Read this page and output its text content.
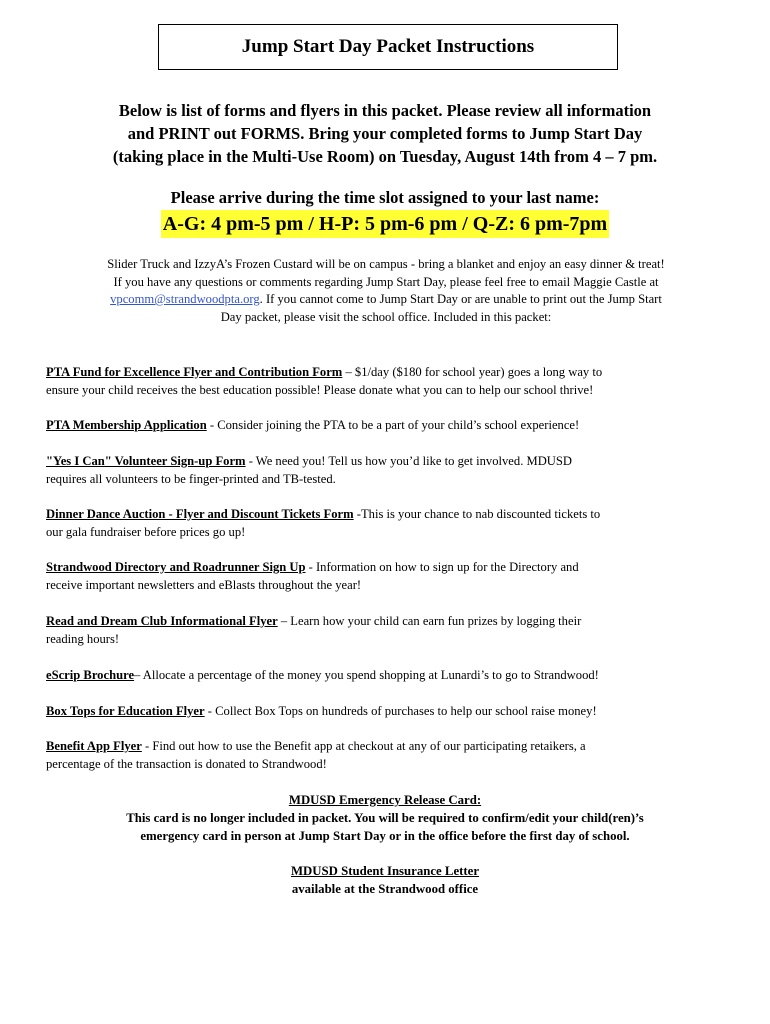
Jump Start Day Packet Instructions
Below is list of forms and flyers in this packet. Please review all information
and PRINT out FORMS. Bring your completed forms to Jump Start Day
(taking place in the Multi-Use Room) on Tuesday, August 14th from 4 – 7 pm.
Please arrive during the time slot assigned to your last name:
A-G: 4 pm-5 pm / H-P: 5 pm-6 pm / Q-Z: 6 pm-7pm
Slider Truck and IzzyA’s Frozen Custard will be on campus - bring a blanket and enjoy an easy dinner & treat!
If you have any questions or comments regarding Jump Start Day, please feel free to email Maggie Castle at
vpcomm@strandwoodpta.org. If you cannot come to Jump Start Day or are unable to print out the Jump Start
Day packet, please visit the school office. Included in this packet:
PTA Fund for Excellence Flyer and Contribution Form – $1/day ($180 for school year) goes a long way to
ensure your child receives the best education possible! Please donate what you can to help our school thrive!
PTA Membership Application - Consider joining the PTA to be a part of your child’s school experience!
"Yes I Can" Volunteer Sign-up Form - We need you! Tell us how you’d like to get involved. MDUSD
requires all volunteers to be finger-printed and TB-tested.
Dinner Dance Auction - Flyer and Discount Tickets Form -This is your chance to nab discounted tickets to
our gala fundraiser before prices go up!
Strandwood Directory and Roadrunner Sign Up - Information on how to sign up for the Directory and
receive important newsletters and eBlasts throughout the year!
Read and Dream Club Informational Flyer – Learn how your child can earn fun prizes by logging their
reading hours!
eScrip Brochure– Allocate a percentage of the money you spend shopping at Lunardi’s to go to Strandwood!
Box Tops for Education Flyer - Collect Box Tops on hundreds of purchases to help our school raise money!
Benefit App Flyer - Find out how to use the Benefit app at checkout at any of our participating retaikers, a
percentage of the transaction is donated to Strandwood!
MDUSD Emergency Release Card:
This card is no longer included in packet. You will be required to confirm/edit your child(ren)’s
emergency card in person at Jump Start Day or in the office before the first day of school.
MDUSD Student Insurance Letter
available at the Strandwood office
